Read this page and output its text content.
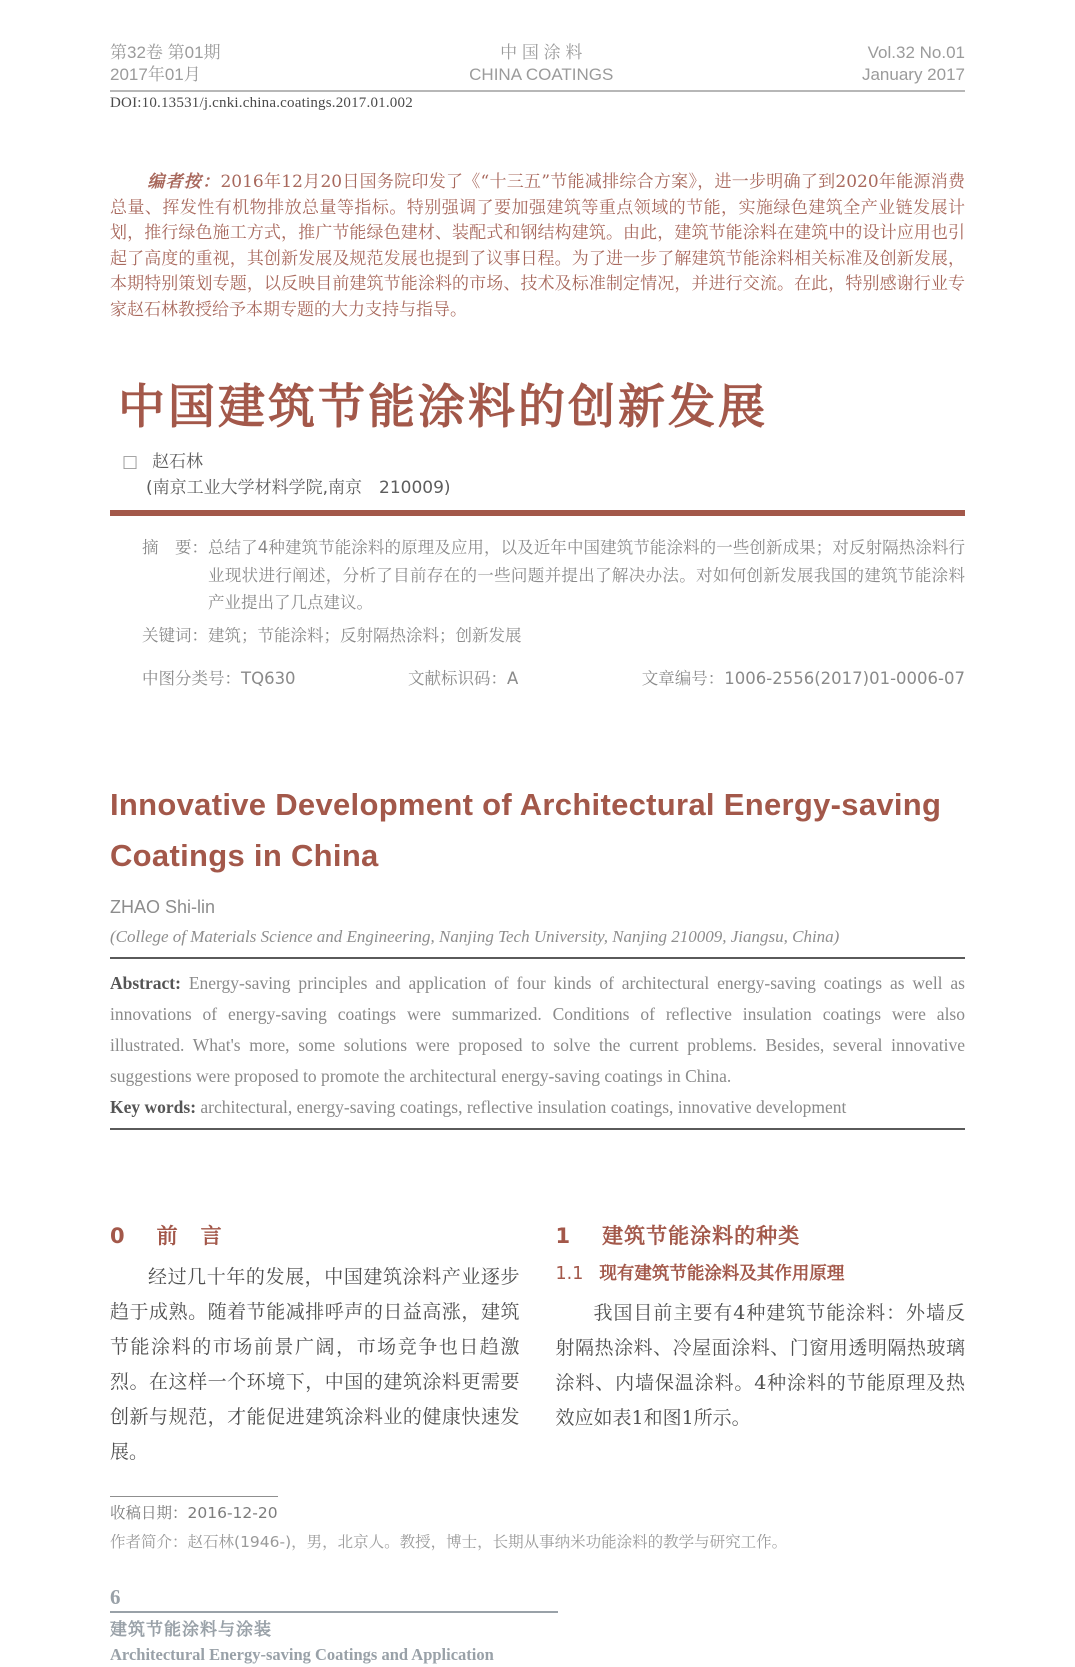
第32卷 第01期
2017年01月
中 国 涂 料
CHINA COATINGS
Vol.32 No.01
January 2017
DOI:10.13531/j.cnki.china.coatings.2017.01.002

编者按：2016年12月20日国务院印发了《“十三五”节能减排综合方案》，进一步明确了到2020年能源消费总量、挥发性有机物排放总量等指标。特别强调了要加强建筑等重点领域的节能，实施绿色建筑全产业链发展计划，推行绿色施工方式，推广节能绿色建材、装配式和钢结构建筑。由此，建筑节能涂料在建筑中的设计应用也引起了高度的重视，其创新发展及规范发展也提到了议事日程。为了进一步了解建筑节能涂料相关标准及创新发展，本期特别策划专题，以反映目前建筑节能涂料的市场、技术及标准制定情况，并进行交流。在此，特别感谢行业专家赵石林教授给予本期专题的大力支持与指导。

中国建筑节能涂料的创新发展
□ 赵石林
(南京工业大学材料学院,南京　210009)
摘　要： 总结了4种建筑节能涂料的原理及应用，以及近年中国建筑节能涂料的一些创新成果；对反射隔热涂料行业现状进行阐述，分析了目前存在的一些问题并提出了解决办法。对如何创新发展我国的建筑节能涂料产业提出了几点建议。
关键词：建筑；节能涂料；反射隔热涂料；创新发展
中图分类号：TQ630	文献标识码：A	文章编号：1006-2556(2017)01-0006-07
Innovative Development of Architectural Energy-saving Coatings in China
ZHAO Shi-lin
(College of Materials Science and Engineering, Nanjing Tech University, Nanjing 210009, Jiangsu, China)

Abstract: Energy-saving principles and application of four kinds of architectural energy-saving coatings as well as innovations of energy-saving coatings were summarized. Conditions of reflective insulation coatings were also illustrated. What's more, some solutions were proposed to solve the current problems. Besides, several innovative suggestions were proposed to promote the architectural energy-saving coatings in China.

Key words: architectural, energy-saving coatings, reflective insulation coatings, innovative development

0 前　言

经过几十年的发展，中国建筑涂料产业逐步趋于成熟。随着节能减排呼声的日益高涨，建筑节能涂料的市场前景广阔，市场竞争也日趋激烈。在这样一个环境下，中国的建筑涂料更需要创新与规范，才能促进建筑涂料业的健康快速发展。

1 建筑节能涂料的种类
1.1 现有建筑节能涂料及其作用原理

我国目前主要有4种建筑节能涂料：外墙反射隔热涂料、冷屋面涂料、门窗用透明隔热玻璃涂料、内墙保温涂料。4种涂料的节能原理及热效应如表1和图1所示。

收稿日期：2016-12-20
作者简介：赵石林(1946-)，男，北京人。教授，博士，长期从事纳米功能涂料的教学与研究工作。
6
建筑节能涂料与涂装
Architectural Energy-saving Coatings and Application
